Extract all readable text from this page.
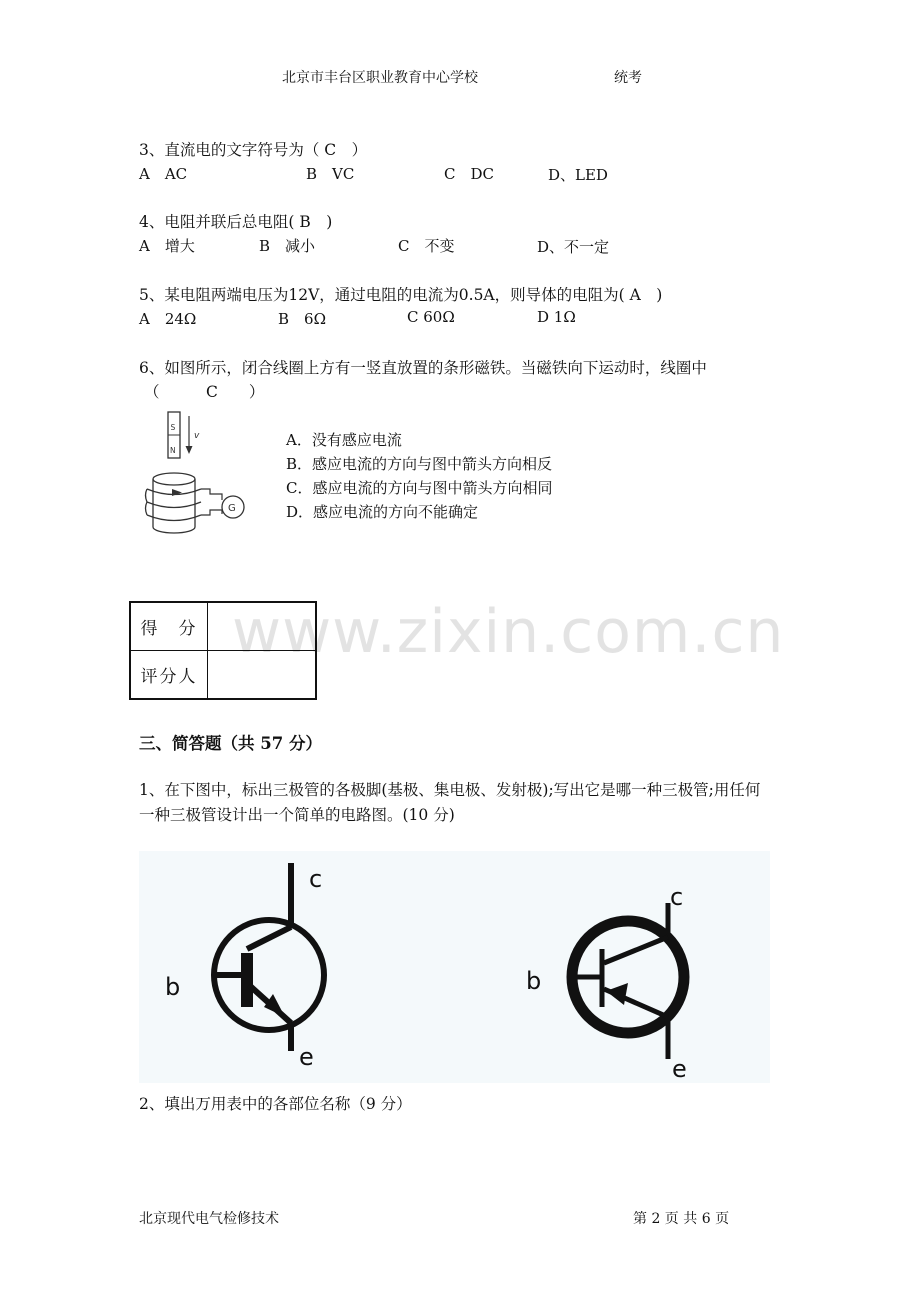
北京市丰台区职业教育中心学校	统考
3、直流电的文字符号为（ C　）
A　AC	B　VC	C　DC	D、LED
4、电阻并联后总电阻( B　)
A　增大	B　减小	C　不变	D、不一定
5、某电阻两端电压为12V，通过电阻的电流为0.5A，则导体的电阻为( A　)
A　24Ω	B　6Ω	C 60Ω	D 1Ω
6、如图所示，闭合线圈上方有一竖直放置的条形磁铁。当磁铁向下运动时，线圈中
（　　　C　　）
S
N
v
G
A．没有感应电流
B．感应电流的方向与图中箭头方向相反
C．感应电流的方向与图中箭头方向相同
D．感应电流的方向不能确定
www.zixin.com.cn
得　分	
评分人	
三、简答题（共 57 分）
1、在下图中，标出三极管的各极脚(基极、集电极、发射极);写出它是哪一种三极管;用任何
一种三极管设计出一个简单的电路图。(10 分)
c
b
e
c
b
e
2、填出万用表中的各部位名称（9 分）
北京现代电气检修技术	第 2 页 共 6 页
